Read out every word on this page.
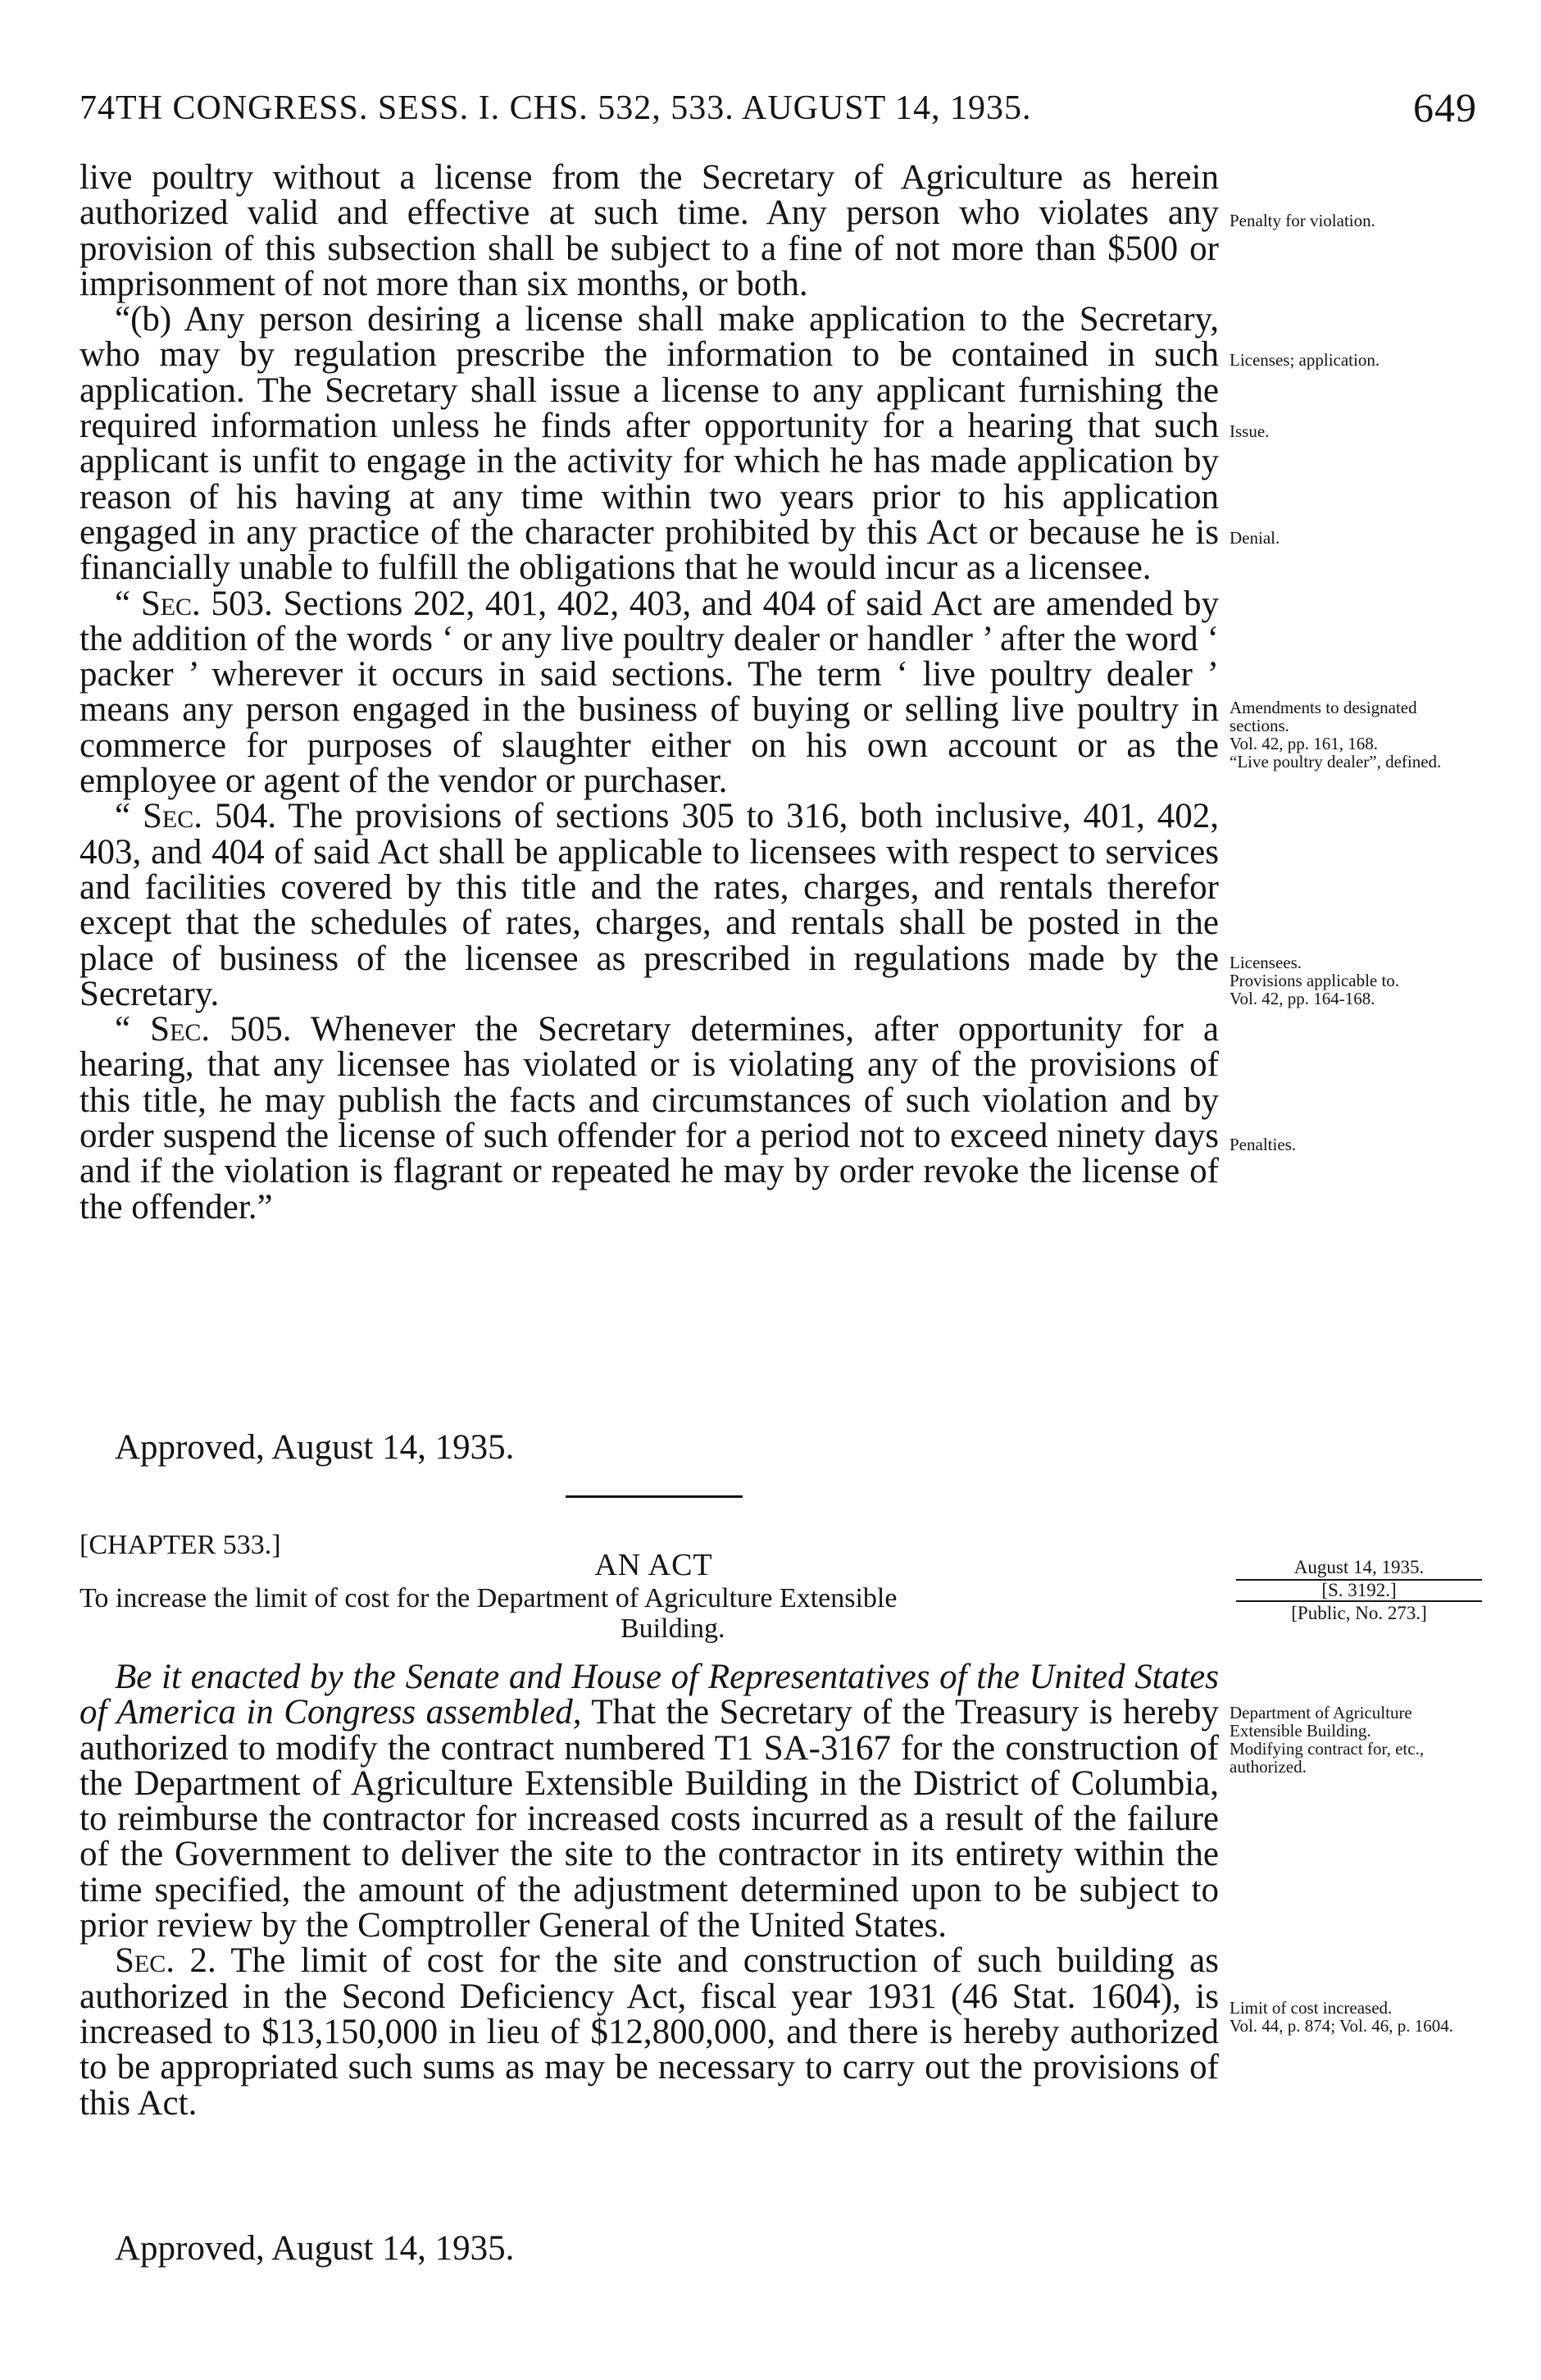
74TH CONGRESS. SESS. I. CHS. 532, 533. AUGUST 14, 1935.	649

live poultry without a license from the Secretary of Agriculture as herein authorized valid and effective at such time. Any person who violates any provision of this subsection shall be subject to a fine of not more than $500 or imprisonment of not more than six months, or both.

“(b) Any person desiring a license shall make application to the Secretary, who may by regulation prescribe the information to be contained in such application. The Secretary shall issue a license to any applicant furnishing the required information unless he finds after opportunity for a hearing that such applicant is unfit to engage in the activity for which he has made application by reason of his having at any time within two years prior to his application engaged in any practice of the character prohibited by this Act or because he is financially unable to fulfill the obligations that he would incur as a licensee.

“ Sec. 503. Sections 202, 401, 402, 403, and 404 of said Act are amended by the addition of the words ‘ or any live poultry dealer or handler ’ after the word ‘ packer ’ wherever it occurs in said sections. The term ‘ live poultry dealer ’ means any person engaged in the business of buying or selling live poultry in commerce for purposes of slaughter either on his own account or as the employee or agent of the vendor or purchaser.

“ Sec. 504. The provisions of sections 305 to 316, both inclusive, 401, 402, 403, and 404 of said Act shall be applicable to licensees with respect to services and facilities covered by this title and the rates, charges, and rentals therefor except that the schedules of rates, charges, and rentals shall be posted in the place of business of the licensee as prescribed in regulations made by the Secretary.

“ Sec. 505. Whenever the Secretary determines, after opportunity for a hearing, that any licensee has violated or is violating any of the provisions of this title, he may publish the facts and circumstances of such violation and by order suspend the license of such offender for a period not to exceed ninety days and if the violation is flagrant or repeated he may by order revoke the license of the offender.”

Approved, August 14, 1935.
Penalty for violation.
Licenses; application.
Issue.
Denial.
Amendments to designated sections.
Vol. 42, pp. 161, 168.
“Live poultry dealer”, defined.
Licensees.
Provisions applicable to.
Vol. 42, pp. 164-168.
Penalties.
[CHAPTER 533.]
AN ACT
To increase the limit of cost for the Department of Agriculture Extensible
Building.
August 14, 1935.
[S. 3192.]
[Public, No. 273.]

Be it enacted by the Senate and House of Representatives of the United States of America in Congress assembled, That the Secretary of the Treasury is hereby authorized to modify the contract numbered T1 SA-3167 for the construction of the Department of Agriculture Extensible Building in the District of Columbia, to reimburse the contractor for increased costs incurred as a result of the failure of the Government to deliver the site to the contractor in its entirety within the time specified, the amount of the adjustment determined upon to be subject to prior review by the Comptroller General of the United States.

Sec. 2. The limit of cost for the site and construction of such building as authorized in the Second Deficiency Act, fiscal year 1931 (46 Stat. 1604), is increased to $13,150,000 in lieu of $12,800,000, and there is hereby authorized to be appropriated such sums as may be necessary to carry out the provisions of this Act.

Approved, August 14, 1935.
Department of Agriculture Extensible Building.
Modifying contract for, etc., authorized.
Limit of cost increased.
Vol. 44, p. 874; Vol. 46, p. 1604.
